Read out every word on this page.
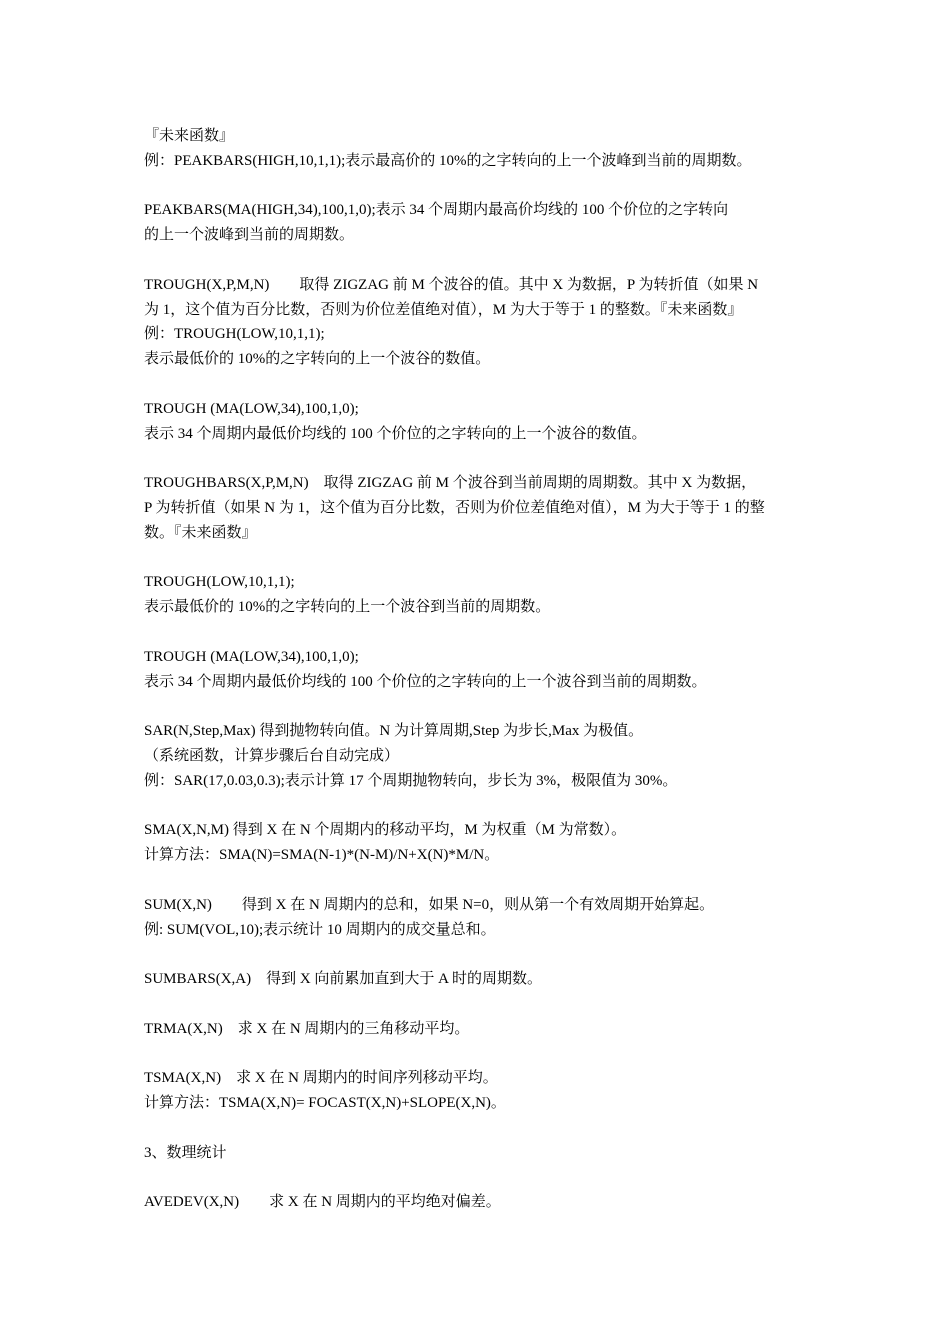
『未来函数』
例：PEAKBARS(HIGH,10,1,1);表示最高价的 10%的之字转向的上一个波峰到当前的周期数。
PEAKBARS(MA(HIGH,34),100,1,0);表示 34 个周期内最高价均线的 100 个价位的之字转向
的上一个波峰到当前的周期数。
TROUGH(X,P,M,N)　　取得 ZIGZAG 前 M 个波谷的值。其中 X 为数据，P 为转折值（如果 N
为 1，这个值为百分比数，否则为价位差值绝对值），M 为大于等于 1 的整数。『未来函数』
例：TROUGH(LOW,10,1,1);
表示最低价的 10%的之字转向的上一个波谷的数值。
TROUGH (MA(LOW,34),100,1,0);
表示 34 个周期内最低价均线的 100 个价位的之字转向的上一个波谷的数值。
TROUGHBARS(X,P,M,N)　取得 ZIGZAG 前 M 个波谷到当前周期的周期数。其中 X 为数据，
P 为转折值（如果 N 为 1，这个值为百分比数，否则为价位差值绝对值），M 为大于等于 1 的整
数。『未来函数』
TROUGH(LOW,10,1,1);
表示最低价的 10%的之字转向的上一个波谷到当前的周期数。
TROUGH (MA(LOW,34),100,1,0);
表示 34 个周期内最低价均线的 100 个价位的之字转向的上一个波谷到当前的周期数。
SAR(N,Step,Max) 得到抛物转向值。N 为计算周期,Step 为步长,Max 为极值。
（系统函数，计算步骤后台自动完成）
例：SAR(17,0.03,0.3);表示计算 17 个周期抛物转向，步长为 3%，极限值为 30%。
SMA(X,N,M) 得到 X 在 N 个周期内的移动平均，M 为权重（M 为常数）。
计算方法：SMA(N)=SMA(N-1)*(N-M)/N+X(N)*M/N。
SUM(X,N)　　得到 X 在 N 周期内的总和，如果 N=0，则从第一个有效周期开始算起。
例: SUM(VOL,10);表示统计 10 周期内的成交量总和。
SUMBARS(X,A)　得到 X 向前累加直到大于 A 时的周期数。
TRMA(X,N)　求 X 在 N 周期内的三角移动平均。
TSMA(X,N)　求 X 在 N 周期内的时间序列移动平均。
计算方法：TSMA(X,N)= FOCAST(X,N)+SLOPE(X,N)。
3、数理统计
AVEDEV(X,N)　　求 X 在 N 周期内的平均绝对偏差。
